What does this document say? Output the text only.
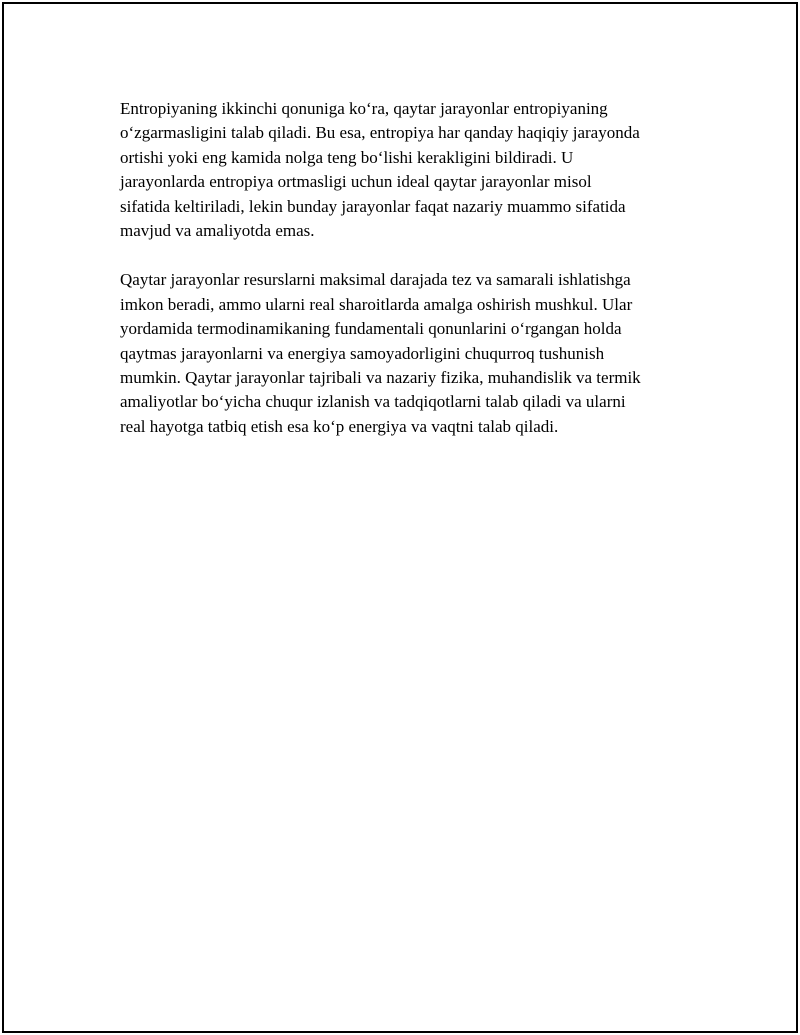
Entropiyaning ikkinchi qonuniga ko‘ra, qaytar jarayonlar entropiyaning
o‘zgarmasligini talab qiladi. Bu esa, entropiya har qanday haqiqiy jarayonda
ortishi yoki eng kamida nolga teng bo‘lishi kerakligini bildiradi. U
jarayonlarda entropiya ortmasligi uchun ideal qaytar jarayonlar misol
sifatida keltiriladi, lekin bunday jarayonlar faqat nazariy muammo sifatida
mavjud va amaliyotda emas.

Qaytar jarayonlar resurslarni maksimal darajada tez va samarali ishlatishga
imkon beradi, ammo ularni real sharoitlarda amalga oshirish mushkul. Ular
yordamida termodinamikaning fundamentali qonunlarini o‘rgangan holda
qaytmas jarayonlarni va energiya samoyadorligini chuqurroq tushunish
mumkin. Qaytar jarayonlar tajribali va nazariy fizika, muhandislik va termik
amaliyotlar bo‘yicha chuqur izlanish va tadqiqotlarni talab qiladi va ularni
real hayotga tatbiq etish esa ko‘p energiya va vaqtni talab qiladi.
